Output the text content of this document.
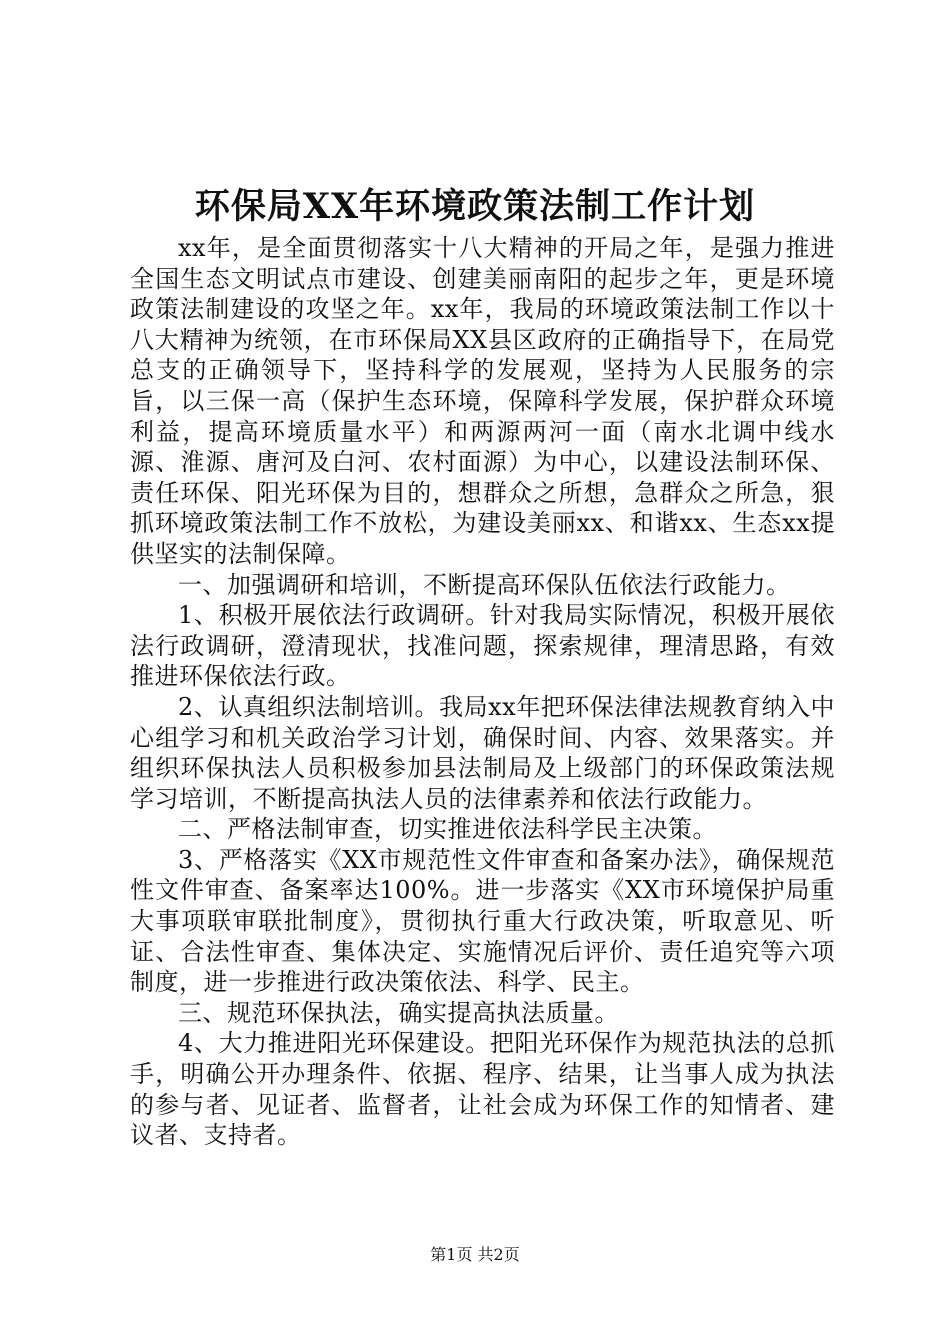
环保局XX年环境政策法制工作计划

xx年，是全面贯彻落实十八大精神的开局之年，是强力推进全国生态文明试点市建设、创建美丽南阳的起步之年，更是环境政策法制建设的攻坚之年。xx年，我局的环境政策法制工作以十八大精神为统领，在市环保局XX县区政府的正确指导下，在局党总支的正确领导下，坚持科学的发展观，坚持为人民服务的宗旨，以三保一高（保护生态环境，保障科学发展，保护群众环境利益，提高环境质量水平）和两源两河一面（南水北调中线水源、淮源、唐河及白河、农村面源）为中心，以建设法制环保、责任环保、阳光环保为目的，想群众之所想，急群众之所急，狠抓环境政策法制工作不放松，为建设美丽xx、和谐xx、生态xx提供坚实的法制保障。

一、加强调研和培训，不断提高环保队伍依法行政能力。

1、积极开展依法行政调研。针对我局实际情况，积极开展依法行政调研，澄清现状，找准问题，探索规律，理清思路，有效推进环保依法行政。

2、认真组织法制培训。我局xx年把环保法律法规教育纳入中心组学习和机关政治学习计划，确保时间、内容、效果落实。并组织环保执法人员积极参加县法制局及上级部门的环保政策法规学习培训，不断提高执法人员的法律素养和依法行政能力。

二、严格法制审查，切实推进依法科学民主决策。

3、严格落实《XX市规范性文件审查和备案办法》，确保规范性文件审查、备案率达100%。进一步落实《XX市环境保护局重大事项联审联批制度》，贯彻执行重大行政决策，听取意见、听证、合法性审查、集体决定、实施情况后评价、责任追究等六项制度，进一步推进行政决策依法、科学、民主。

三、规范环保执法，确实提高执法质量。

4、大力推进阳光环保建设。把阳光环保作为规范执法的总抓手，明确公开办理条件、依据、程序、结果，让当事人成为执法的参与者、见证者、监督者，让社会成为环保工作的知情者、建议者、支持者。

第1页 共2页
